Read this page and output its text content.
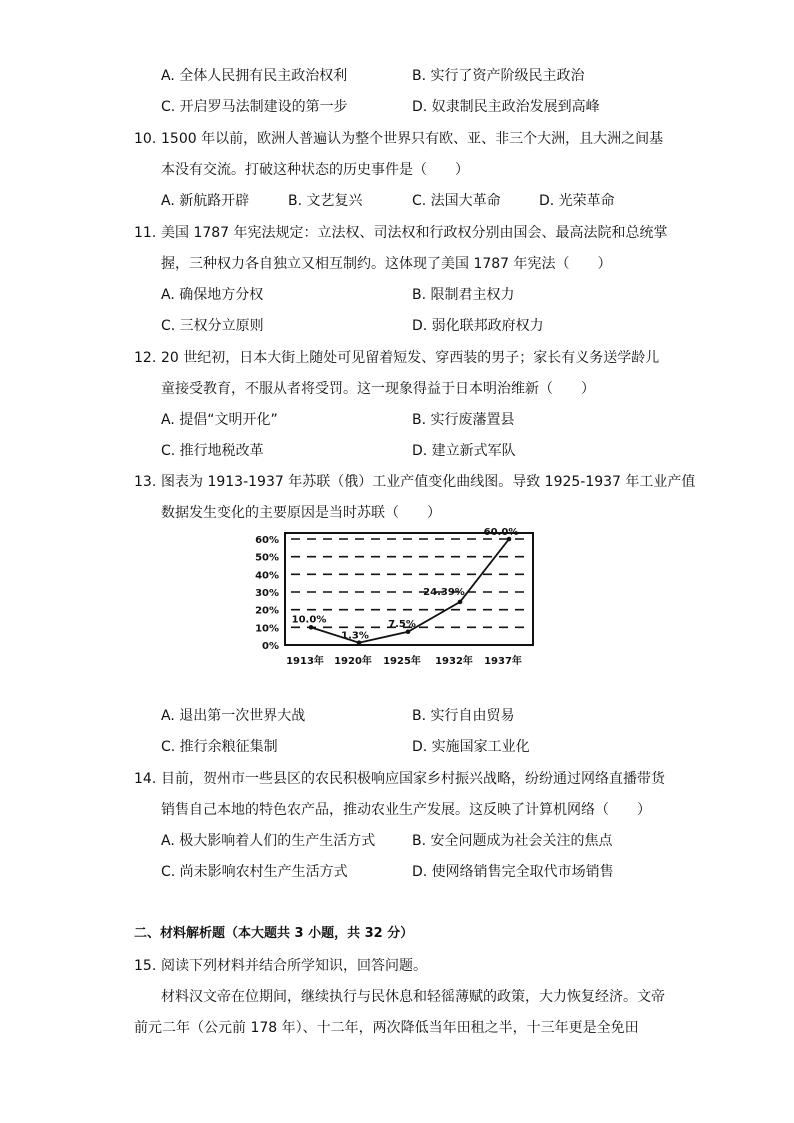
A. 全体人民拥有民主政治权利	B. 实行了资产阶级民主政治
C. 开启罗马法制建设的第一步	D. 奴隶制民主政治发展到高峰
10. 1500 年以前，欧洲人普遍认为整个世界只有欧、亚、非三个大洲，且大洲之间基
本没有交流。打破这种状态的历史事件是（　　）
A. 新航路开辟	B. 文艺复兴	C. 法国大革命	D. 光荣革命
11. 美国 1787 年宪法规定：立法权、司法权和行政权分别由国会、最高法院和总统掌
握，三种权力各自独立又相互制约。这体现了美国 1787 年宪法（　　）
A. 确保地方分权	B. 限制君主权力
C. 三权分立原则	D. 弱化联邦政府权力
12. 20 世纪初，日本大街上随处可见留着短发、穿西装的男子；家长有义务送学龄儿
童接受教育，不服从者将受罚。这一现象得益于日本明治维新（　　）
A. 提倡“文明开化”	B. 实行废藩置县
C. 推行地税改革	D. 建立新式军队
13. 图表为 1913-1937 年苏联（俄）工业产值变化曲线图。导致 1925-1937 年工业产值
数据发生变化的主要原因是当时苏联（　　）
0%
10%
20%
30%
40%
50%
60%
10.0%
1.3%
7.5%
24.39%
60.0%
1913年 1920年 1925年 1932年 1937年
A. 退出第一次世界大战	B. 实行自由贸易
C. 推行余粮征集制	D. 实施国家工业化
14. 目前，贺州市一些县区的农民积极响应国家乡村振兴战略，纷纷通过网络直播带货
销售自己本地的特色农产品，推动农业生产发展。这反映了计算机网络（　　）
A. 极大影响着人们的生产生活方式	B. 安全问题成为社会关注的焦点
C. 尚未影响农村生产生活方式	D. 使网络销售完全取代市场销售
二、材料解析题（本大题共 3 小题，共 32 分）
15. 阅读下列材料并结合所学知识，回答问题。
材料汉文帝在位期间，继续执行与民休息和轻徭薄赋的政策，大力恢复经济。文帝
前元二年（公元前 178 年）、十二年，两次降低当年田租之半，十三年更是全免田
